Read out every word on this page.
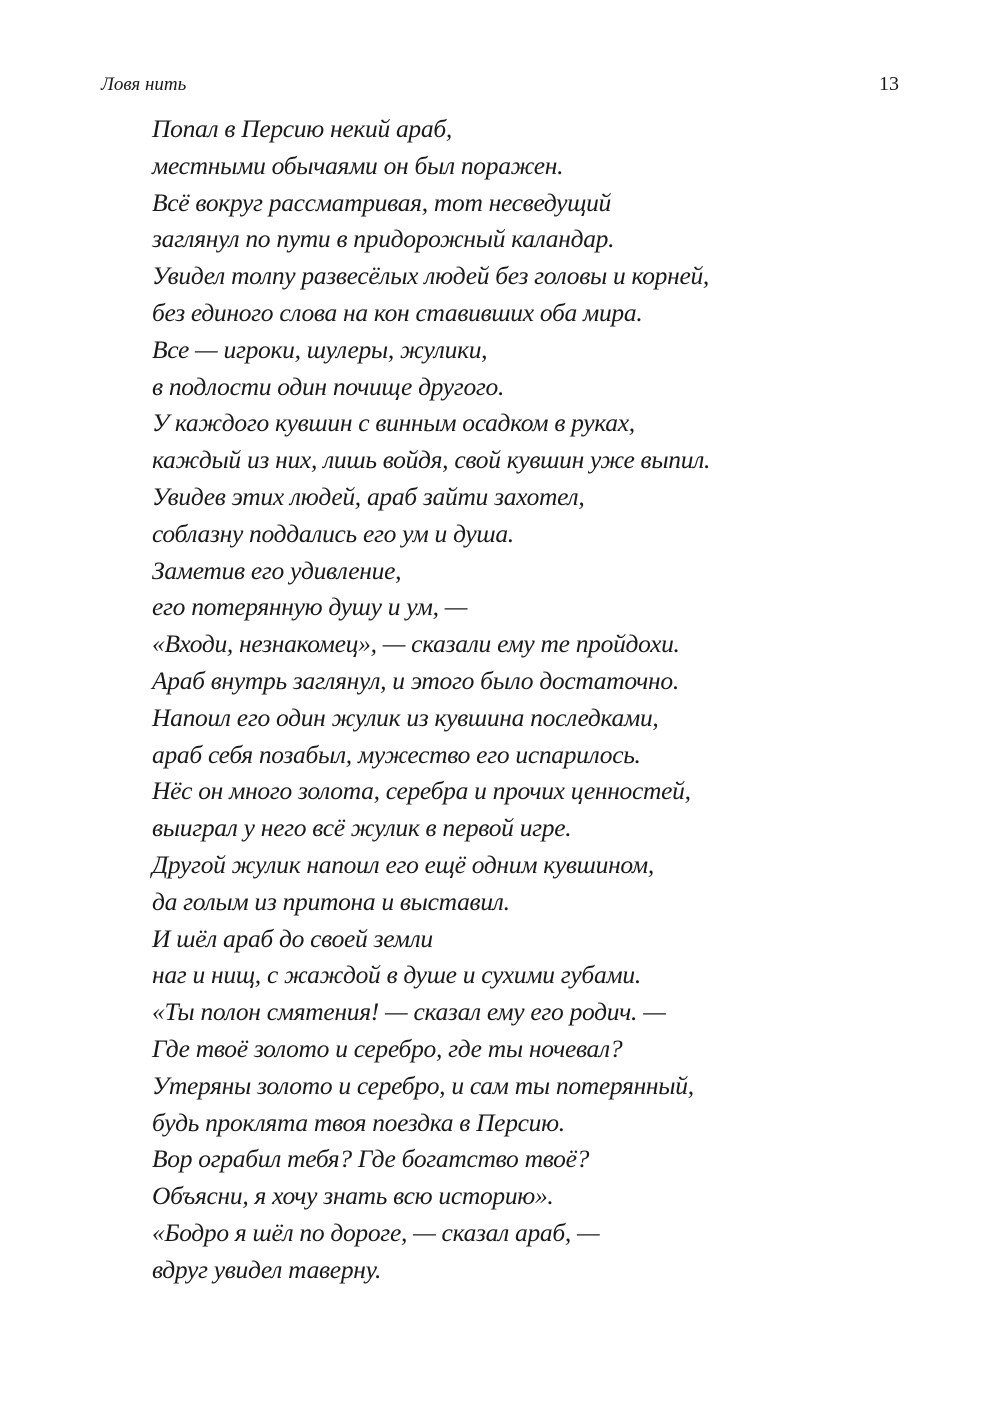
Ловя нить	13
Попал в Персию некий араб,
местными обычаями он был поражен.
Всё вокруг рассматривая, тот несведущий
заглянул по пути в придорожный каландар.
Увидел толпу развесёлых людей без головы и корней,
без единого слова на кон ставивших оба мира.
Все — игроки, шулеры, жулики,
в подлости один почище другого.
У каждого кувшин с винным осадком в руках,
каждый из них, лишь войдя, свой кувшин уже выпил.
Увидев этих людей, араб зайти захотел,
соблазну поддались его ум и душа.
Заметив его удивление,
его потерянную душу и ум, —
«Входи, незнакомец», — сказали ему те пройдохи.
Араб внутрь заглянул, и этого было достаточно.
Напоил его один жулик из кувшина последками,
араб себя позабыл, мужество его испарилось.
Нёс он много золота, серебра и прочих ценностей,
выиграл у него всё жулик в первой игре.
Другой жулик напоил его ещё одним кувшином,
да голым из притона и выставил.
И шёл араб до своей земли
наг и нищ, с жаждой в душе и сухими губами.
«Ты полон смятения! — сказал ему его родич. —
Где твоё золото и серебро, где ты ночевал?
Утеряны золото и серебро, и сам ты потерянный,
будь проклята твоя поездка в Персию.
Вор ограбил тебя? Где богатство твоё?
Объясни, я хочу знать всю историю».
«Бодро я шёл по дороге, — сказал араб, —
вдруг увидел таверну.
